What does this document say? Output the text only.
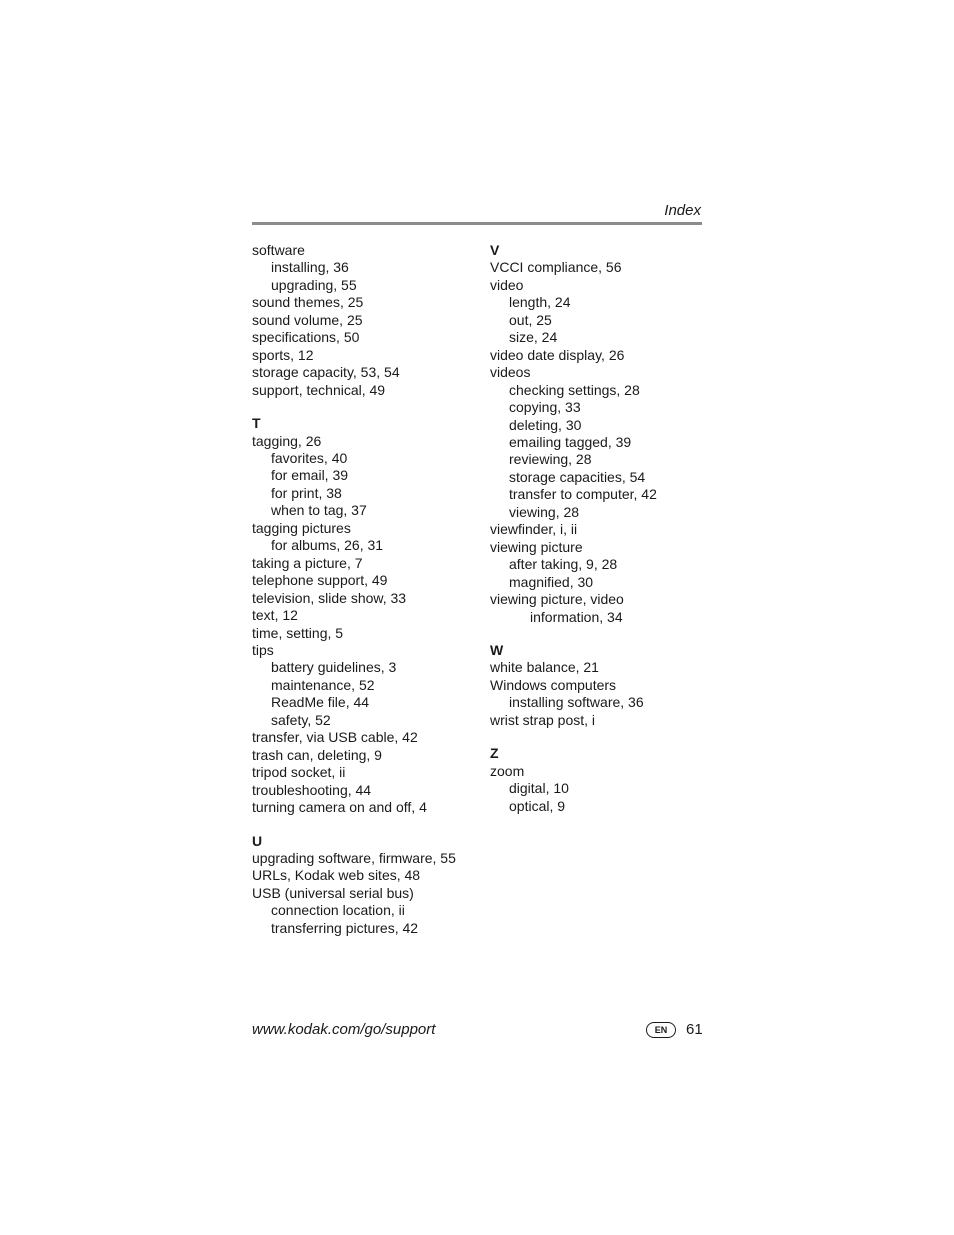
Index
software
installing, 36
upgrading, 55
sound themes, 25
sound volume, 25
specifications, 50
sports, 12
storage capacity, 53, 54
support, technical, 49
T
tagging, 26
favorites, 40
for email, 39
for print, 38
when to tag, 37
tagging pictures
for albums, 26, 31
taking a picture, 7
telephone support, 49
television, slide show, 33
text, 12
time, setting, 5
tips
battery guidelines, 3
maintenance, 52
ReadMe file, 44
safety, 52
transfer, via USB cable, 42
trash can, deleting, 9
tripod socket, ii
troubleshooting, 44
turning camera on and off, 4
U
upgrading software, firmware, 55
URLs, Kodak web sites, 48
USB (universal serial bus)
connection location, ii
transferring pictures, 42
V
VCCI compliance, 56
video
length, 24
out, 25
size, 24
video date display, 26
videos
checking settings, 28
copying, 33
deleting, 30
emailing tagged, 39
reviewing, 28
storage capacities, 54
transfer to computer, 42
viewing, 28
viewfinder, i, ii
viewing picture
after taking, 9, 28
magnified, 30
viewing picture, video
information, 34
W
white balance, 21
Windows computers
installing software, 36
wrist strap post, i
Z
zoom
digital, 10
optical, 9
www.kodak.com/go/support	EN	61
